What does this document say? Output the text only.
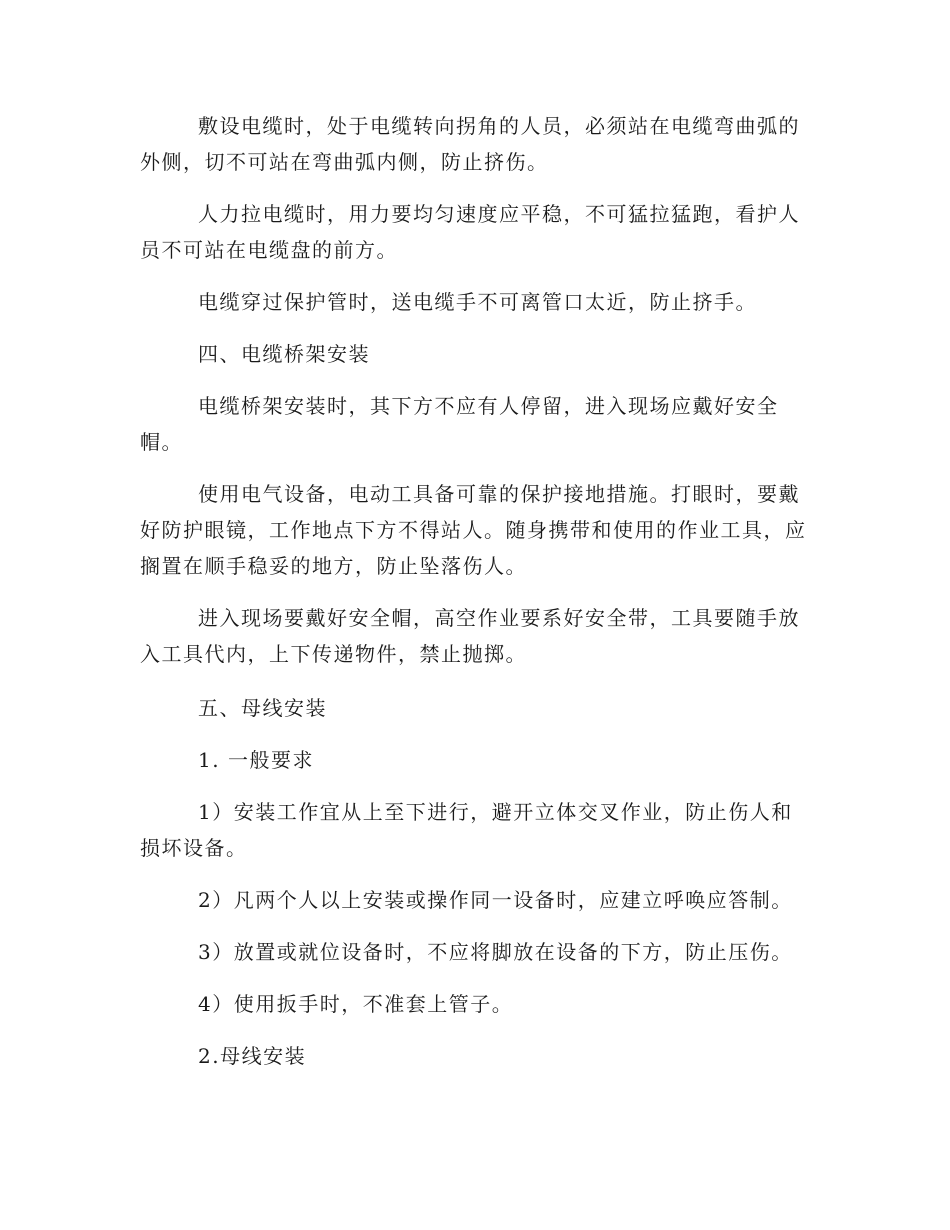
敷设电缆时，处于电缆转向拐角的人员，必须站在电缆弯曲弧的外侧，切不可站在弯曲弧内侧，防止挤伤。

人力拉电缆时，用力要均匀速度应平稳，不可猛拉猛跑，看护人员不可站在电缆盘的前方。

电缆穿过保护管时，送电缆手不可离管口太近，防止挤手。

四、电缆桥架安装

电缆桥架安装时，其下方不应有人停留，进入现场应戴好安全帽。

使用电气设备，电动工具备可靠的保护接地措施。打眼时，要戴好防护眼镜，工作地点下方不得站人。随身携带和使用的作业工具，应搁置在顺手稳妥的地方，防止坠落伤人。

进入现场要戴好安全帽，高空作业要系好安全带，工具要随手放入工具代内，上下传递物件，禁止抛掷。

五、母线安装

1. 一般要求

1）安装工作宜从上至下进行，避开立体交叉作业，防止伤人和损坏设备。

2）凡两个人以上安装或操作同一设备时，应建立呼唤应答制。

3）放置或就位设备时，不应将脚放在设备的下方，防止压伤。

4）使用扳手时，不准套上管子。

2.母线安装
